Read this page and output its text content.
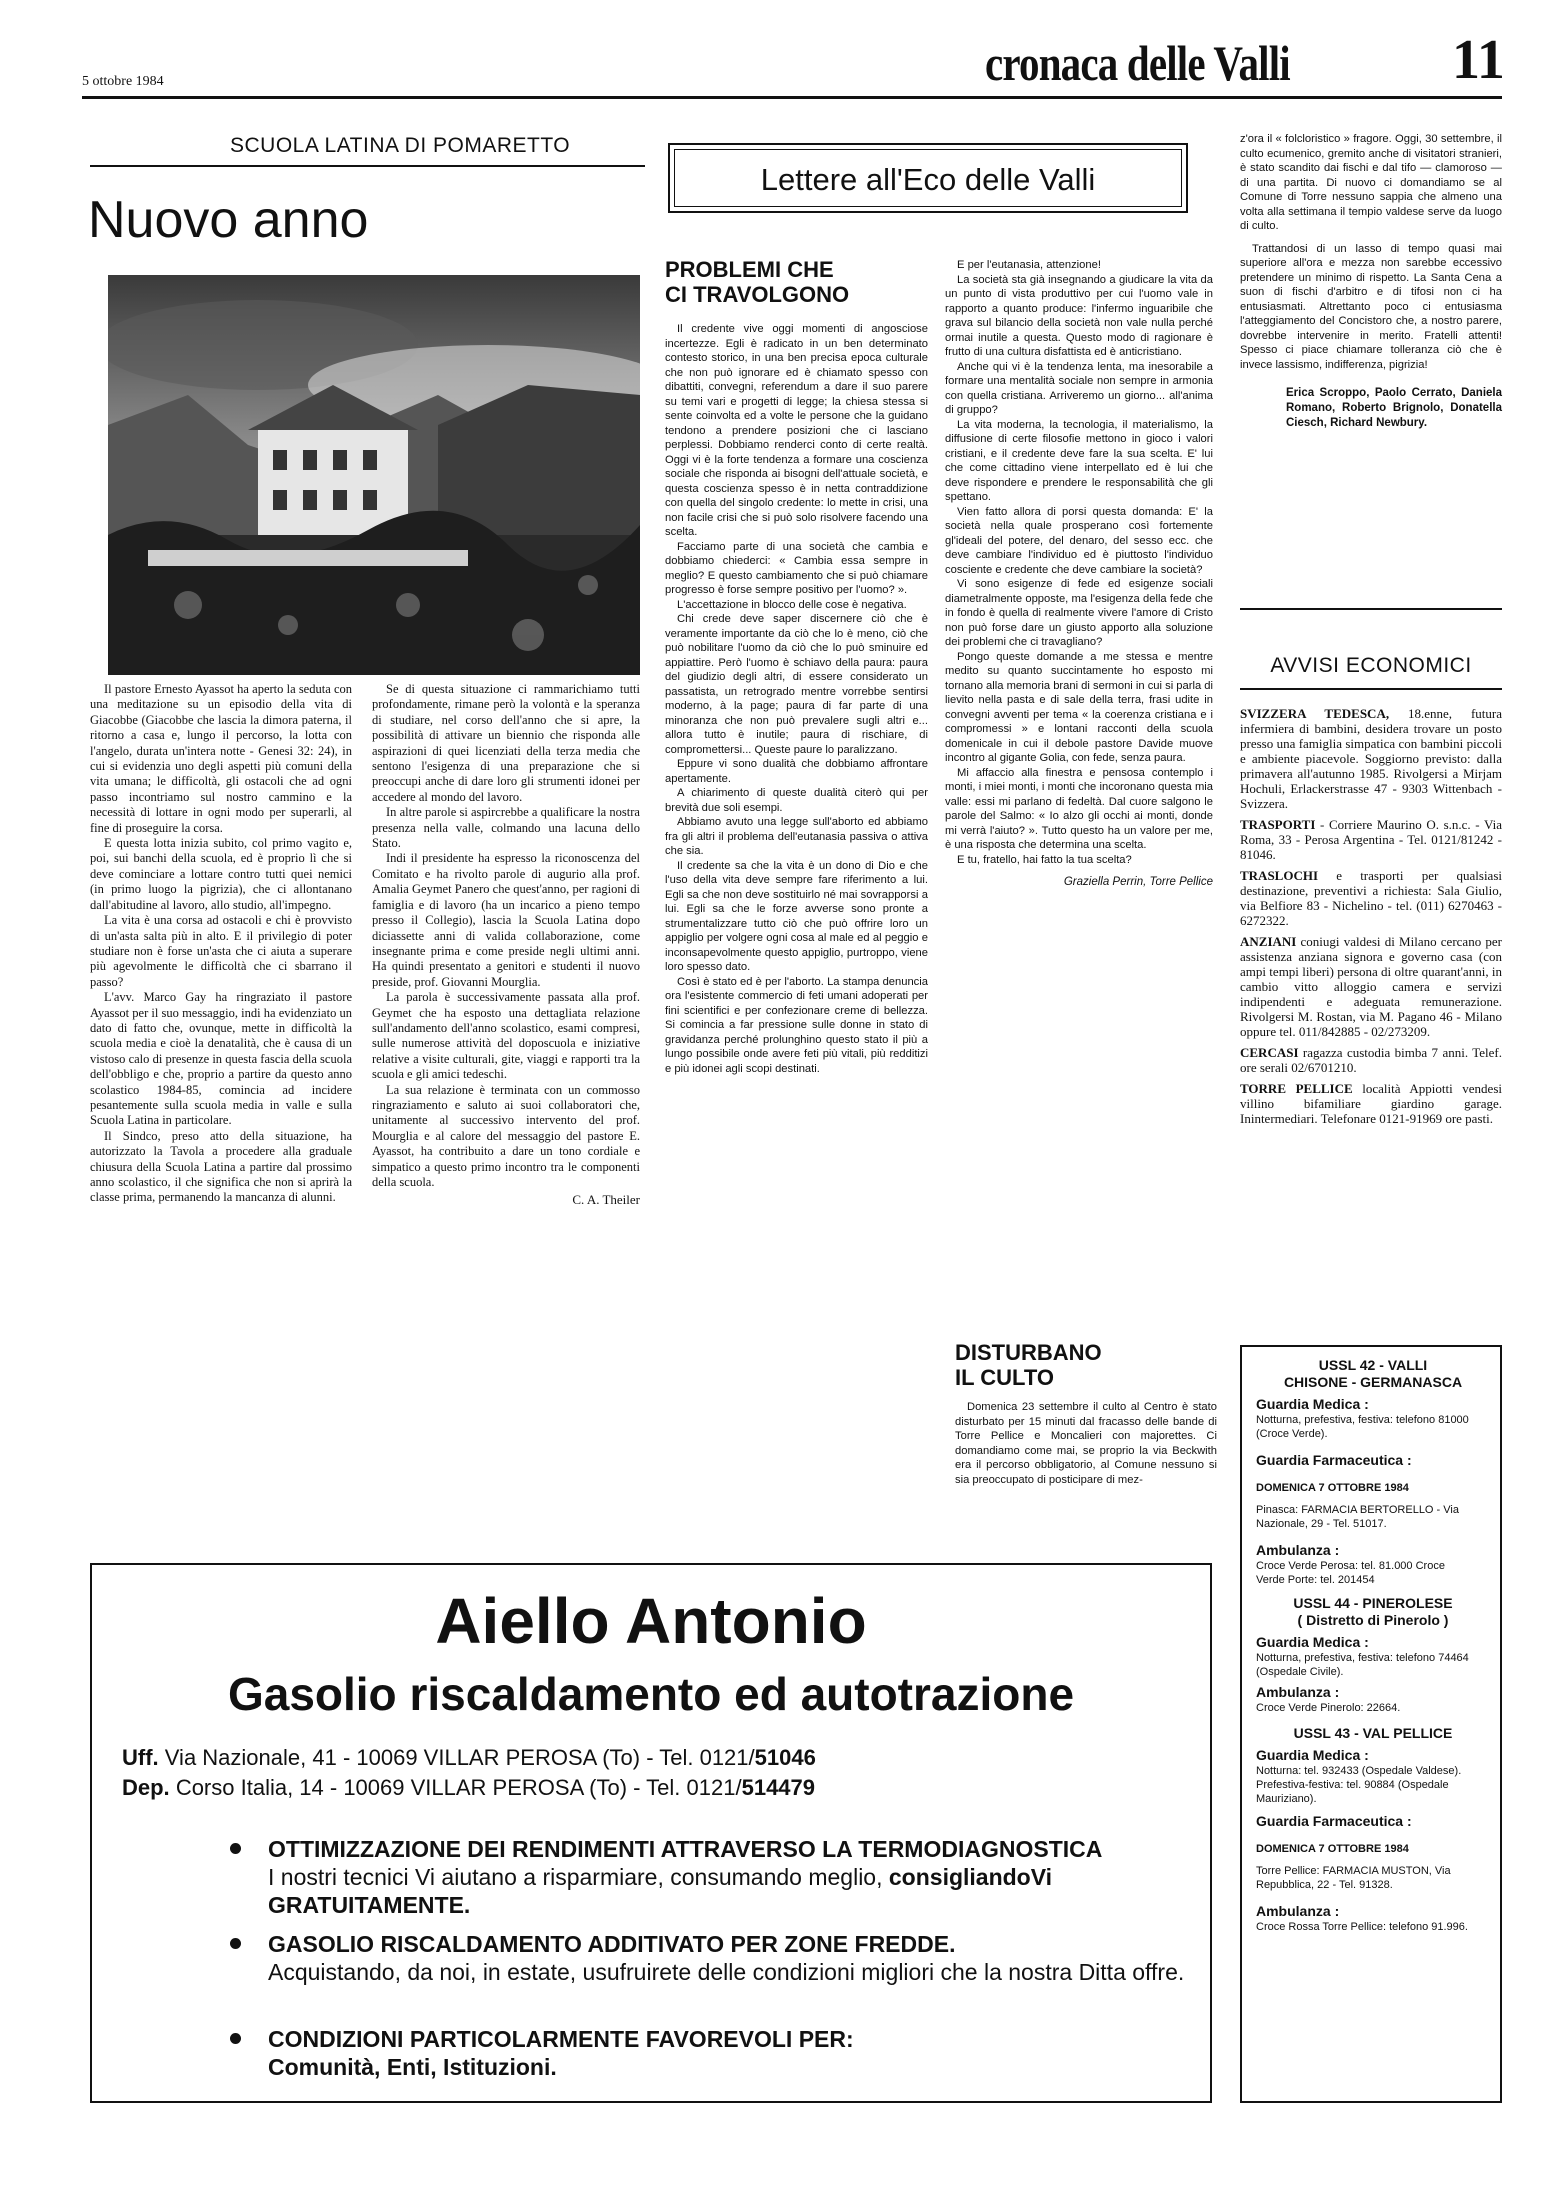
5 ottobre 1984	cronaca delle Valli	11
SCUOLA LATINA DI POMARETTO
Nuovo anno

Il pastore Ernesto Ayassot ha aperto la seduta con una meditazione su un episodio della vita di Giacobbe (Giacobbe che lascia la dimora paterna, il ritorno a casa e, lungo il percorso, la lotta con l'angelo, durata un'intera notte - Genesi 32: 24), in cui si evidenzia uno degli aspetti più comuni della vita umana; le difficoltà, gli ostacoli che ad ogni passo incontriamo sul nostro cammino e la necessità di lottare in ogni modo per superarli, al fine di proseguire la corsa.

E questa lotta inizia subito, col primo vagito e, poi, sui banchi della scuola, ed è proprio lì che si deve cominciare a lottare contro tutti quei nemici (in primo luogo la pigrizia), che ci allontanano dall'abitudine al lavoro, allo studio, all'impegno.

La vita è una corsa ad ostacoli e chi è provvisto di un'asta salta più in alto. E il privilegio di poter studiare non è forse un'asta che ci aiuta a superare più agevolmente le difficoltà che ci sbarrano il passo?

L'avv. Marco Gay ha ringraziato il pastore Ayassot per il suo messaggio, indi ha evidenziato un dato di fatto che, ovunque, mette in difficoltà la scuola media e cioè la denatalità, che è causa di un vistoso calo di presenze in questa fascia della scuola dell'obbligo e che, proprio a partire da questo anno scolastico 1984-85, comincia ad incidere pesantemente sulla scuola media in valle e sulla Scuola Latina in particolare.

Il Sindco, preso atto della situazione, ha autorizzato la Tavola a procedere alla graduale chiusura della Scuola Latina a partire dal prossimo anno scolastico, il che significa che non si aprirà la classe prima, permanendo la mancanza di alunni.

Se di questa situazione ci rammarichiamo tutti profondamente, rimane però la volontà e la speranza di studiare, nel corso dell'anno che si apre, la possibilità di attivare un biennio che risponda alle aspirazioni di quei licenziati della terza media che sentono l'esigenza di una preparazione che si preoccupi anche di dare loro gli strumenti idonei per accedere al mondo del lavoro.

In altre parole si aspircrebbe a qualificare la nostra presenza nella valle, colmando una lacuna dello Stato.

Indi il presidente ha espresso la riconoscenza del Comitato e ha rivolto parole di augurio alla prof. Amalia Geymet Panero che quest'anno, per ragioni di famiglia e di lavoro (ha un incarico a pieno tempo presso il Collegio), lascia la Scuola Latina dopo diciassette anni di valida collaborazione, come insegnante prima e come preside negli ultimi anni. Ha quindi presentato a genitori e studenti il nuovo preside, prof. Giovanni Mourglia.

La parola è successivamente passata alla prof. Geymet che ha esposto una dettagliata relazione sull'andamento dell'anno scolastico, esami compresi, sulle numerose attività del doposcuola e iniziative relative a visite culturali, gite, viaggi e rapporti tra la scuola e gli amici tedeschi.

La sua relazione è terminata con un commosso ringraziamento e saluto ai suoi collaboratori che, unitamente al successivo intervento del prof. Mourglia e al calore del messaggio del pastore E. Ayassot, ha contribuito a dare un tono cordiale e simpatico a questo primo incontro tra le componenti della scuola.

C. A. Theiler
Lettere all'Eco delle Valli
PROBLEMI CHE
CI TRAVOLGONO

Il credente vive oggi momenti di angosciose incertezze. Egli è radicato in un ben determinato contesto storico, in una ben precisa epoca culturale che non può ignorare ed è chiamato spesso con dibattiti, convegni, referendum a dare il suo parere su temi vari e progetti di legge; la chiesa stessa si sente coinvolta ed a volte le persone che la guidano tendono a prendere posizioni che ci lasciano perplessi. Dobbiamo renderci conto di certe realtà. Oggi vi è la forte tendenza a formare una coscienza sociale che risponda ai bisogni dell'attuale società, e questa coscienza spesso è in netta contraddizione con quella del singolo credente: lo mette in crisi, una non facile crisi che si può solo risolvere facendo una scelta.

Facciamo parte di una società che cambia e dobbiamo chiederci: « Cambia essa sempre in meglio? E questo cambiamento che si può chiamare progresso è forse sempre positivo per l'uomo? ».

L'accettazione in blocco delle cose è negativa.

Chi crede deve saper discernere ciò che è veramente importante da ciò che lo è meno, ciò che può nobilitare l'uomo da ciò che lo può sminuire ed appiattire. Però l'uomo è schiavo della paura: paura del giudizio degli altri, di essere considerato un passatista, un retrogrado mentre vorrebbe sentirsi moderno, à la page; paura di far parte di una minoranza che non può prevalere sugli altri e... allora tutto è inutile; paura di rischiare, di compromettersi... Queste paure lo paralizzano.

Eppure vi sono dualità che dobbiamo affrontare apertamente.

A chiarimento di queste dualità citerò qui per brevità due soli esempi.

Abbiamo avuto una legge sull'aborto ed abbiamo fra gli altri il problema dell'eutanasia passiva o attiva che sia.

Il credente sa che la vita è un dono di Dio e che l'uso della vita deve sempre fare riferimento a lui. Egli sa che non deve sostituirlo né mai sovrapporsi a lui. Egli sa che le forze avverse sono pronte a strumentalizzare tutto ciò che può offrire loro un appiglio per volgere ogni cosa al male ed al peggio e inconsapevolmente questo appiglio, purtroppo, viene loro spesso dato.

Così è stato ed è per l'aborto. La stampa denuncia ora l'esistente commercio di feti umani adoperati per fini scientifici e per confezionare creme di bellezza. Si comincia a far pressione sulle donne in stato di gravidanza perché prolunghino questo stato il più a lungo possibile onde avere feti più vitali, più redditizi e più idonei agli scopi destinati.

E per l'eutanasia, attenzione!

La società sta già insegnando a giudicare la vita da un punto di vista produttivo per cui l'uomo vale in rapporto a quanto produce: l'infermo inguaribile che grava sul bilancio della società non vale nulla perché ormai inutile a questa. Questo modo di ragionare è frutto di una cultura disfattista ed è anticristiano.

Anche qui vi è la tendenza lenta, ma inesorabile a formare una mentalità sociale non sempre in armonia con quella cristiana. Arriveremo un giorno... all'anima di gruppo?

La vita moderna, la tecnologia, il materialismo, la diffusione di certe filosofie mettono in gioco i valori cristiani, e il credente deve fare la sua scelta. E' lui che come cittadino viene interpellato ed è lui che deve rispondere e prendere le responsabilità che gli spettano.

Vien fatto allora di porsi questa domanda: E' la società nella quale prosperano così fortemente gl'ideali del potere, del denaro, del sesso ecc. che deve cambiare l'individuo ed è piuttosto l'individuo cosciente e credente che deve cambiare la società?

Vi sono esigenze di fede ed esigenze sociali diametralmente opposte, ma l'esigenza della fede che in fondo è quella di realmente vivere l'amore di Cristo non può forse dare un giusto apporto alla soluzione dei problemi che ci travagliano?

Pongo queste domande a me stessa e mentre medito su quanto succintamente ho esposto mi tornano alla memoria brani di sermoni in cui si parla di lievito nella pasta e di sale della terra, frasi udite in convegni avventi per tema « la coerenza cristiana e i compromessi » e lontani racconti della scuola domenicale in cui il debole pastore Davide muove incontro al gigante Golia, con fede, senza paura.

Mi affaccio alla finestra e pensosa contemplo i monti, i miei monti, i monti che incoronano questa mia valle: essi mi parlano di fedeltà. Dal cuore salgono le parole del Salmo: « Io alzo gli occhi ai monti, donde mi verrà l'aiuto? ». Tutto questo ha un valore per me, è una risposta che determina una scelta.

E tu, fratello, hai fatto la tua scelta?

Graziella Perrin, Torre Pellice
DISTURBANO
IL CULTO

Domenica 23 settembre il culto al Centro è stato disturbato per 15 minuti dal fracasso delle bande di Torre Pellice e Moncalieri con majorettes. Ci domandiamo come mai, se proprio la via Beckwith era il percorso obbligatorio, al Comune nessuno si sia preoccupato di posticipare di mez-

z'ora il « folcloristico » fragore. Oggi, 30 settembre, il culto ecumenico, gremito anche di visitatori stranieri, è stato scandito dai fischi e dal tifo — clamoroso — di una partita. Di nuovo ci domandiamo se al Comune di Torre nessuno sappia che almeno una volta alla settimana il tempio valdese serve da luogo di culto.

Trattandosi di un lasso di tempo quasi mai superiore all'ora e mezza non sarebbe eccessivo pretendere un minimo di rispetto. La Santa Cena a suon di fischi d'arbitro e di tifosi non ci ha entusiasmati. Altrettanto poco ci entusiasma l'atteggiamento del Concistoro che, a nostro parere, dovrebbe intervenire in merito. Fratelli attenti! Spesso ci piace chiamare tolleranza ciò che è invece lassismo, indifferenza, pigrizia!

Erica Scroppo, Paolo Cerrato, Daniela Romano, Roberto Brignolo, Donatella Ciesch, Richard Newbury.
AVVISI ECONOMICI

SVIZZERA TEDESCA, 18.enne, futura infermiera di bambini, desidera trovare un posto presso una famiglia simpatica con bambini piccoli e ambiente piacevole. Soggiorno previsto: dalla primavera all'autunno 1985. Rivolgersi a Mirjam Hochuli, Erlackerstrasse 47 - 9303 Wittenbach - Svizzera.

TRASPORTI - Corriere Maurino O. s.n.c. - Via Roma, 33 - Perosa Argentina - Tel. 0121/81242 - 81046.

TRASLOCHI e trasporti per qualsiasi destinazione, preventivi a richiesta: Sala Giulio, via Belfiore 83 - Nichelino - tel. (011) 6270463 - 6272322.

ANZIANI coniugi valdesi di Milano cercano per assistenza anziana signora e governo casa (con ampi tempi liberi) persona di oltre quarant'anni, in cambio vitto alloggio camera e servizi indipendenti e adeguata remunerazione. Rivolgersi M. Rostan, via M. Pagano 46 - Milano oppure tel. 011/842885 - 02/273209.

CERCASI ragazza custodia bimba 7 anni. Telef. ore serali 02/6701210.

TORRE PELLICE località Appiotti vendesi villino bifamiliare giardino garage. Inintermediari. Telefonare 0121-91969 ore pasti.

USSL 42 - VALLI
CHISONE - GERMANASCA
Guardia Medica :
Notturna, prefestiva, festiva: telefono 81000 (Croce Verde).
Guardia Farmaceutica :
DOMENICA 7 OTTOBRE 1984
Pinasca: FARMACIA BERTORELLO - Via Nazionale, 29 - Tel. 51017.
Ambulanza :
Croce Verde Perosa: tel. 81.000 Croce Verde Porte: tel. 201454
USSL 44 - PINEROLESE
( Distretto di Pinerolo )
Guardia Medica :
Notturna, prefestiva, festiva: telefono 74464 (Ospedale Civile).
Ambulanza :
Croce Verde Pinerolo: 22664.
USSL 43 - VAL PELLICE
Guardia Medica :
Notturna: tel. 932433 (Ospedale Valdese). Prefestiva-festiva: tel. 90884 (Ospedale Mauriziano).
Guardia Farmaceutica :
DOMENICA 7 OTTOBRE 1984
Torre Pellice: FARMACIA MUSTON, Via Repubblica, 22 - Tel. 91328.
Ambulanza :
Croce Rossa Torre Pellice: telefono 91.996.
Aiello Antonio
Gasolio riscaldamento ed autotrazione
Uff. Via Nazionale, 41 - 10069 VILLAR PEROSA (To) - Tel. 0121/51046
Dep. Corso Italia, 14 - 10069 VILLAR PEROSA (To) - Tel. 0121/514479
OTTIMIZZAZIONE DEI RENDIMENTI ATTRAVERSO LA TERMODIAGNOSTICA
I nostri tecnici Vi aiutano a risparmiare, consumando meglio, consigliandoVi GRATUITAMENTE.
GASOLIO RISCALDAMENTO ADDITIVATO PER ZONE FREDDE.
Acquistando, da noi, in estate, usufruirete delle condizioni migliori che la nostra Ditta offre.
CONDIZIONI PARTICOLARMENTE FAVOREVOLI PER:
Comunità, Enti, Istituzioni.
